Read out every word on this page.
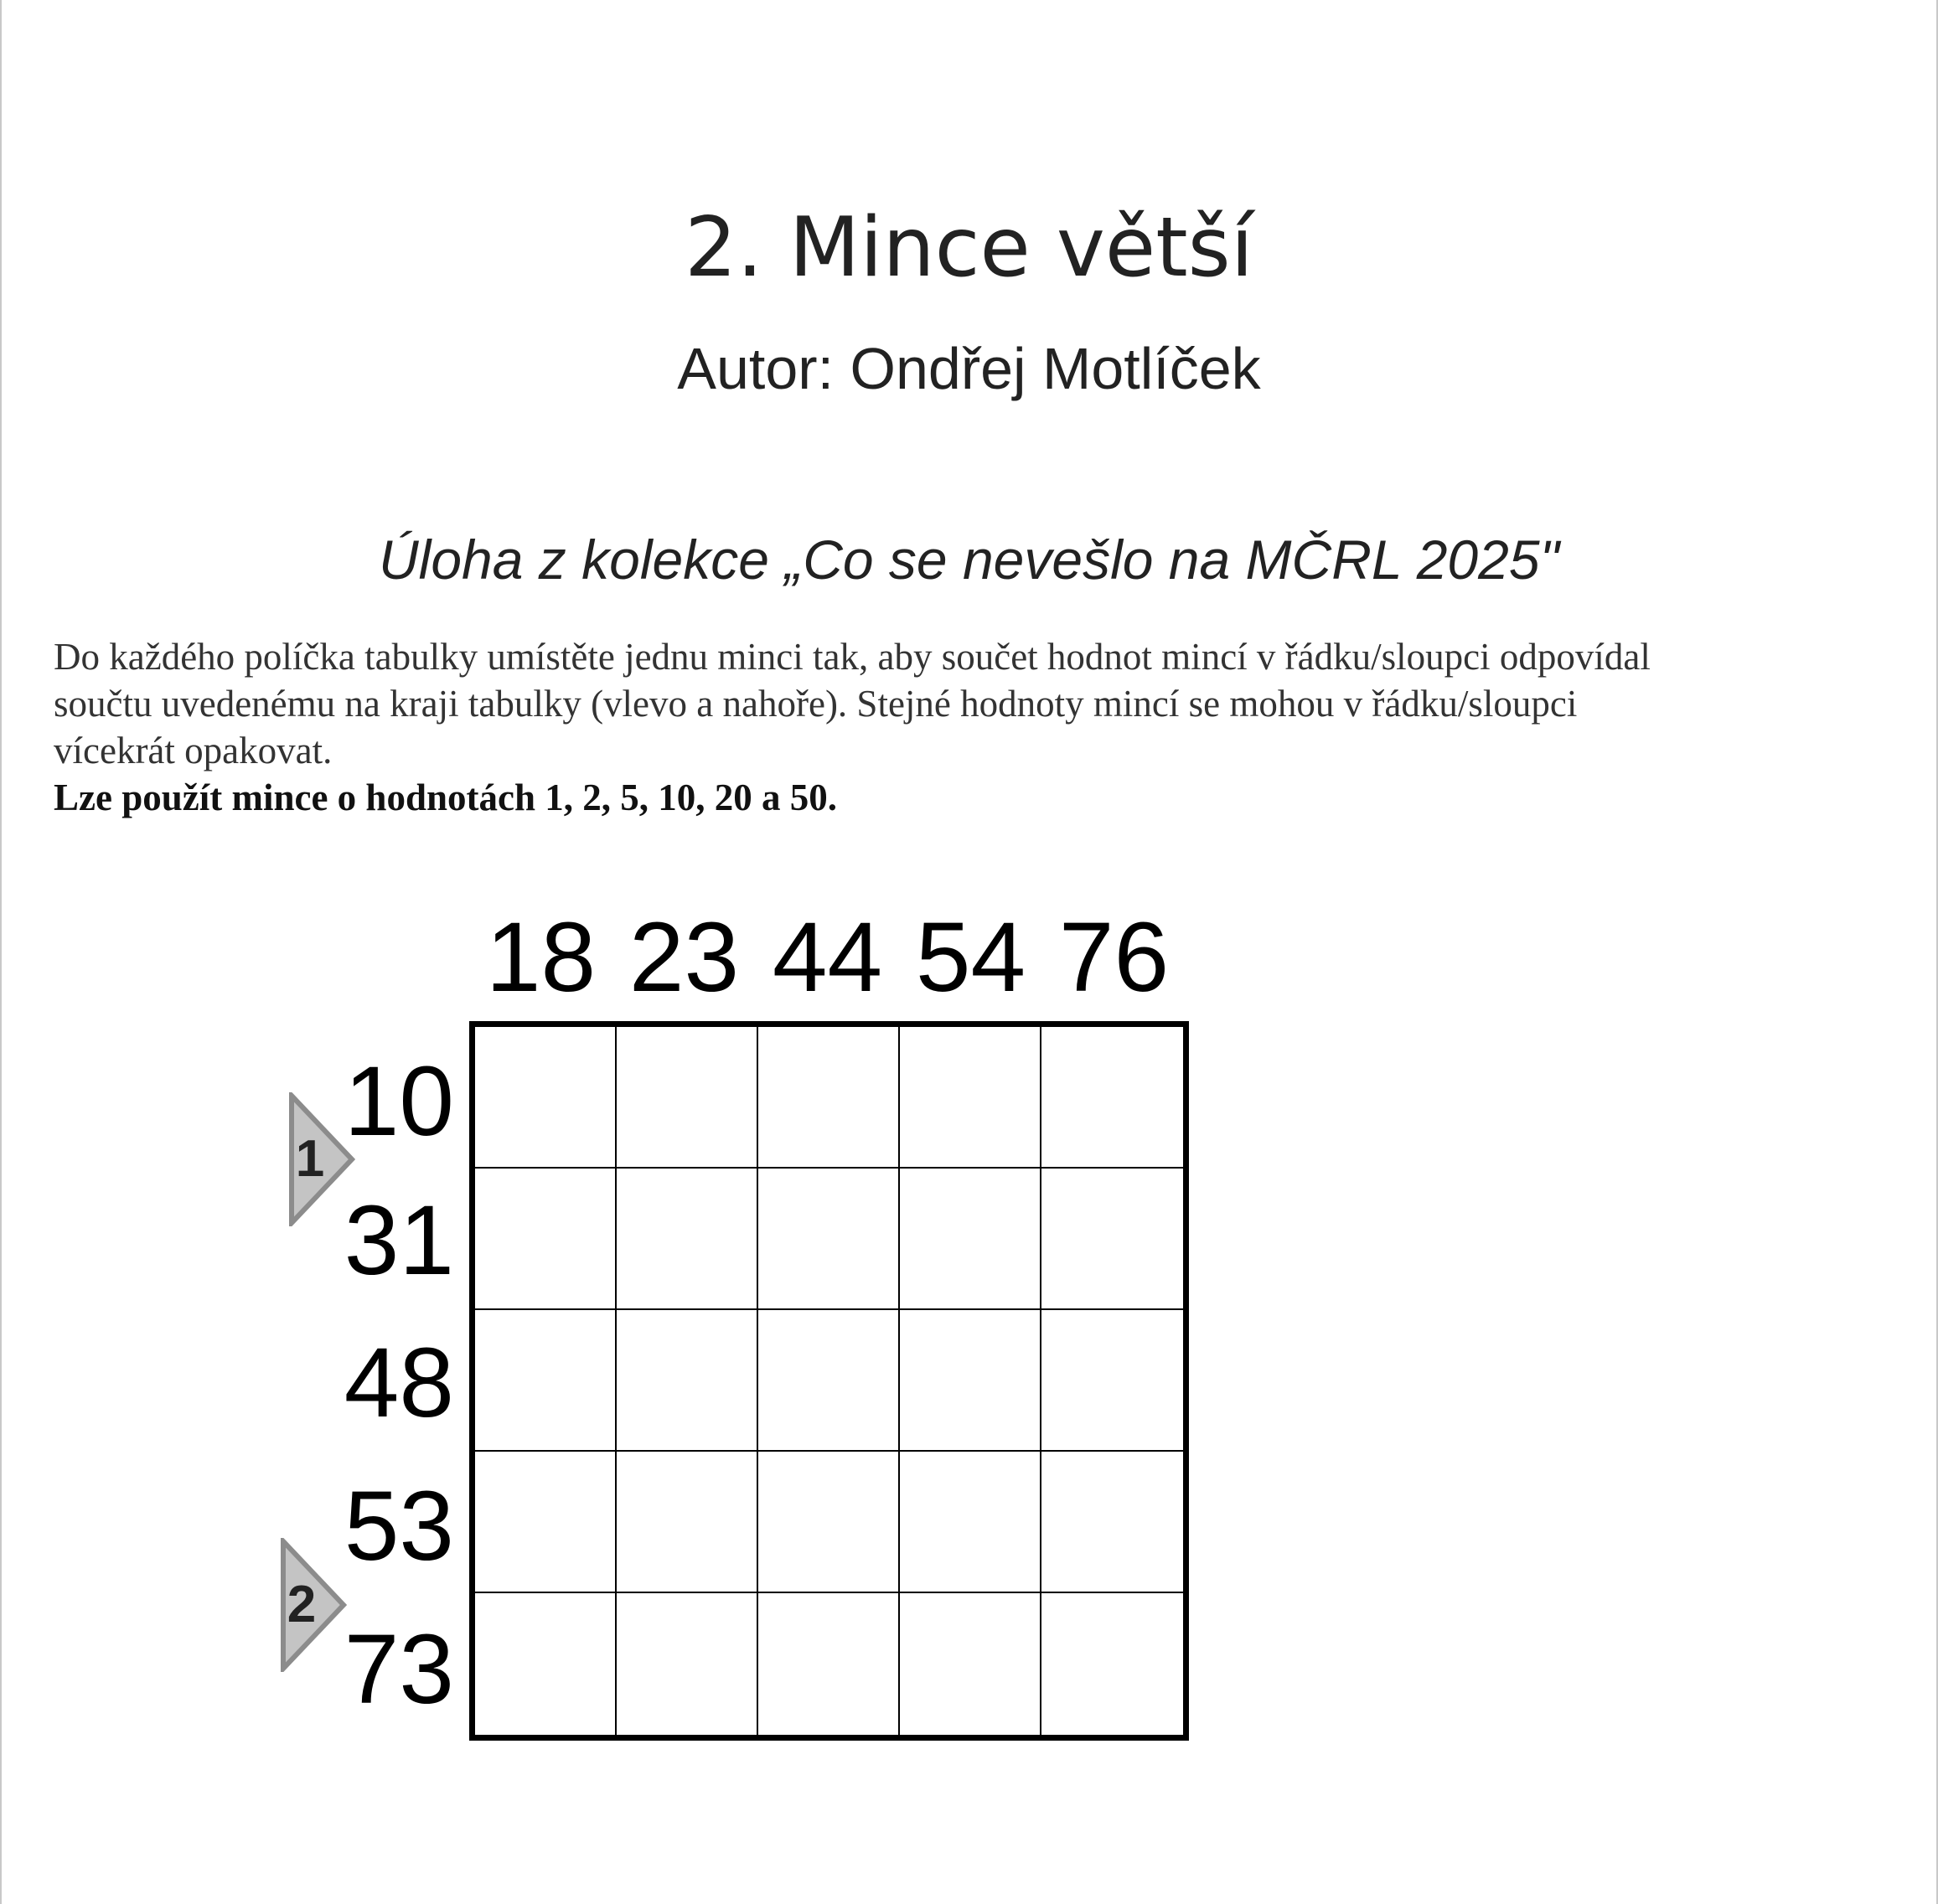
2. Mince větší
Autor: Ondřej Motlíček
Úloha z kolekce „Co se nevešlo na MČRL 2025"

Do každého políčka tabulky umístěte jednu minci tak, aby součet hodnot mincí v řádku/sloupci odpovídal

součtu uvedenému na kraji tabulky (vlevo a nahoře). Stejné hodnoty mincí se mohou v řádku/sloupci

vícekrát opakovat.

Lze použít mince o hodnotách 1, 2, 5, 10, 20 a 50.

18 23 44 54 76
10
31
48
53
73
1
2
